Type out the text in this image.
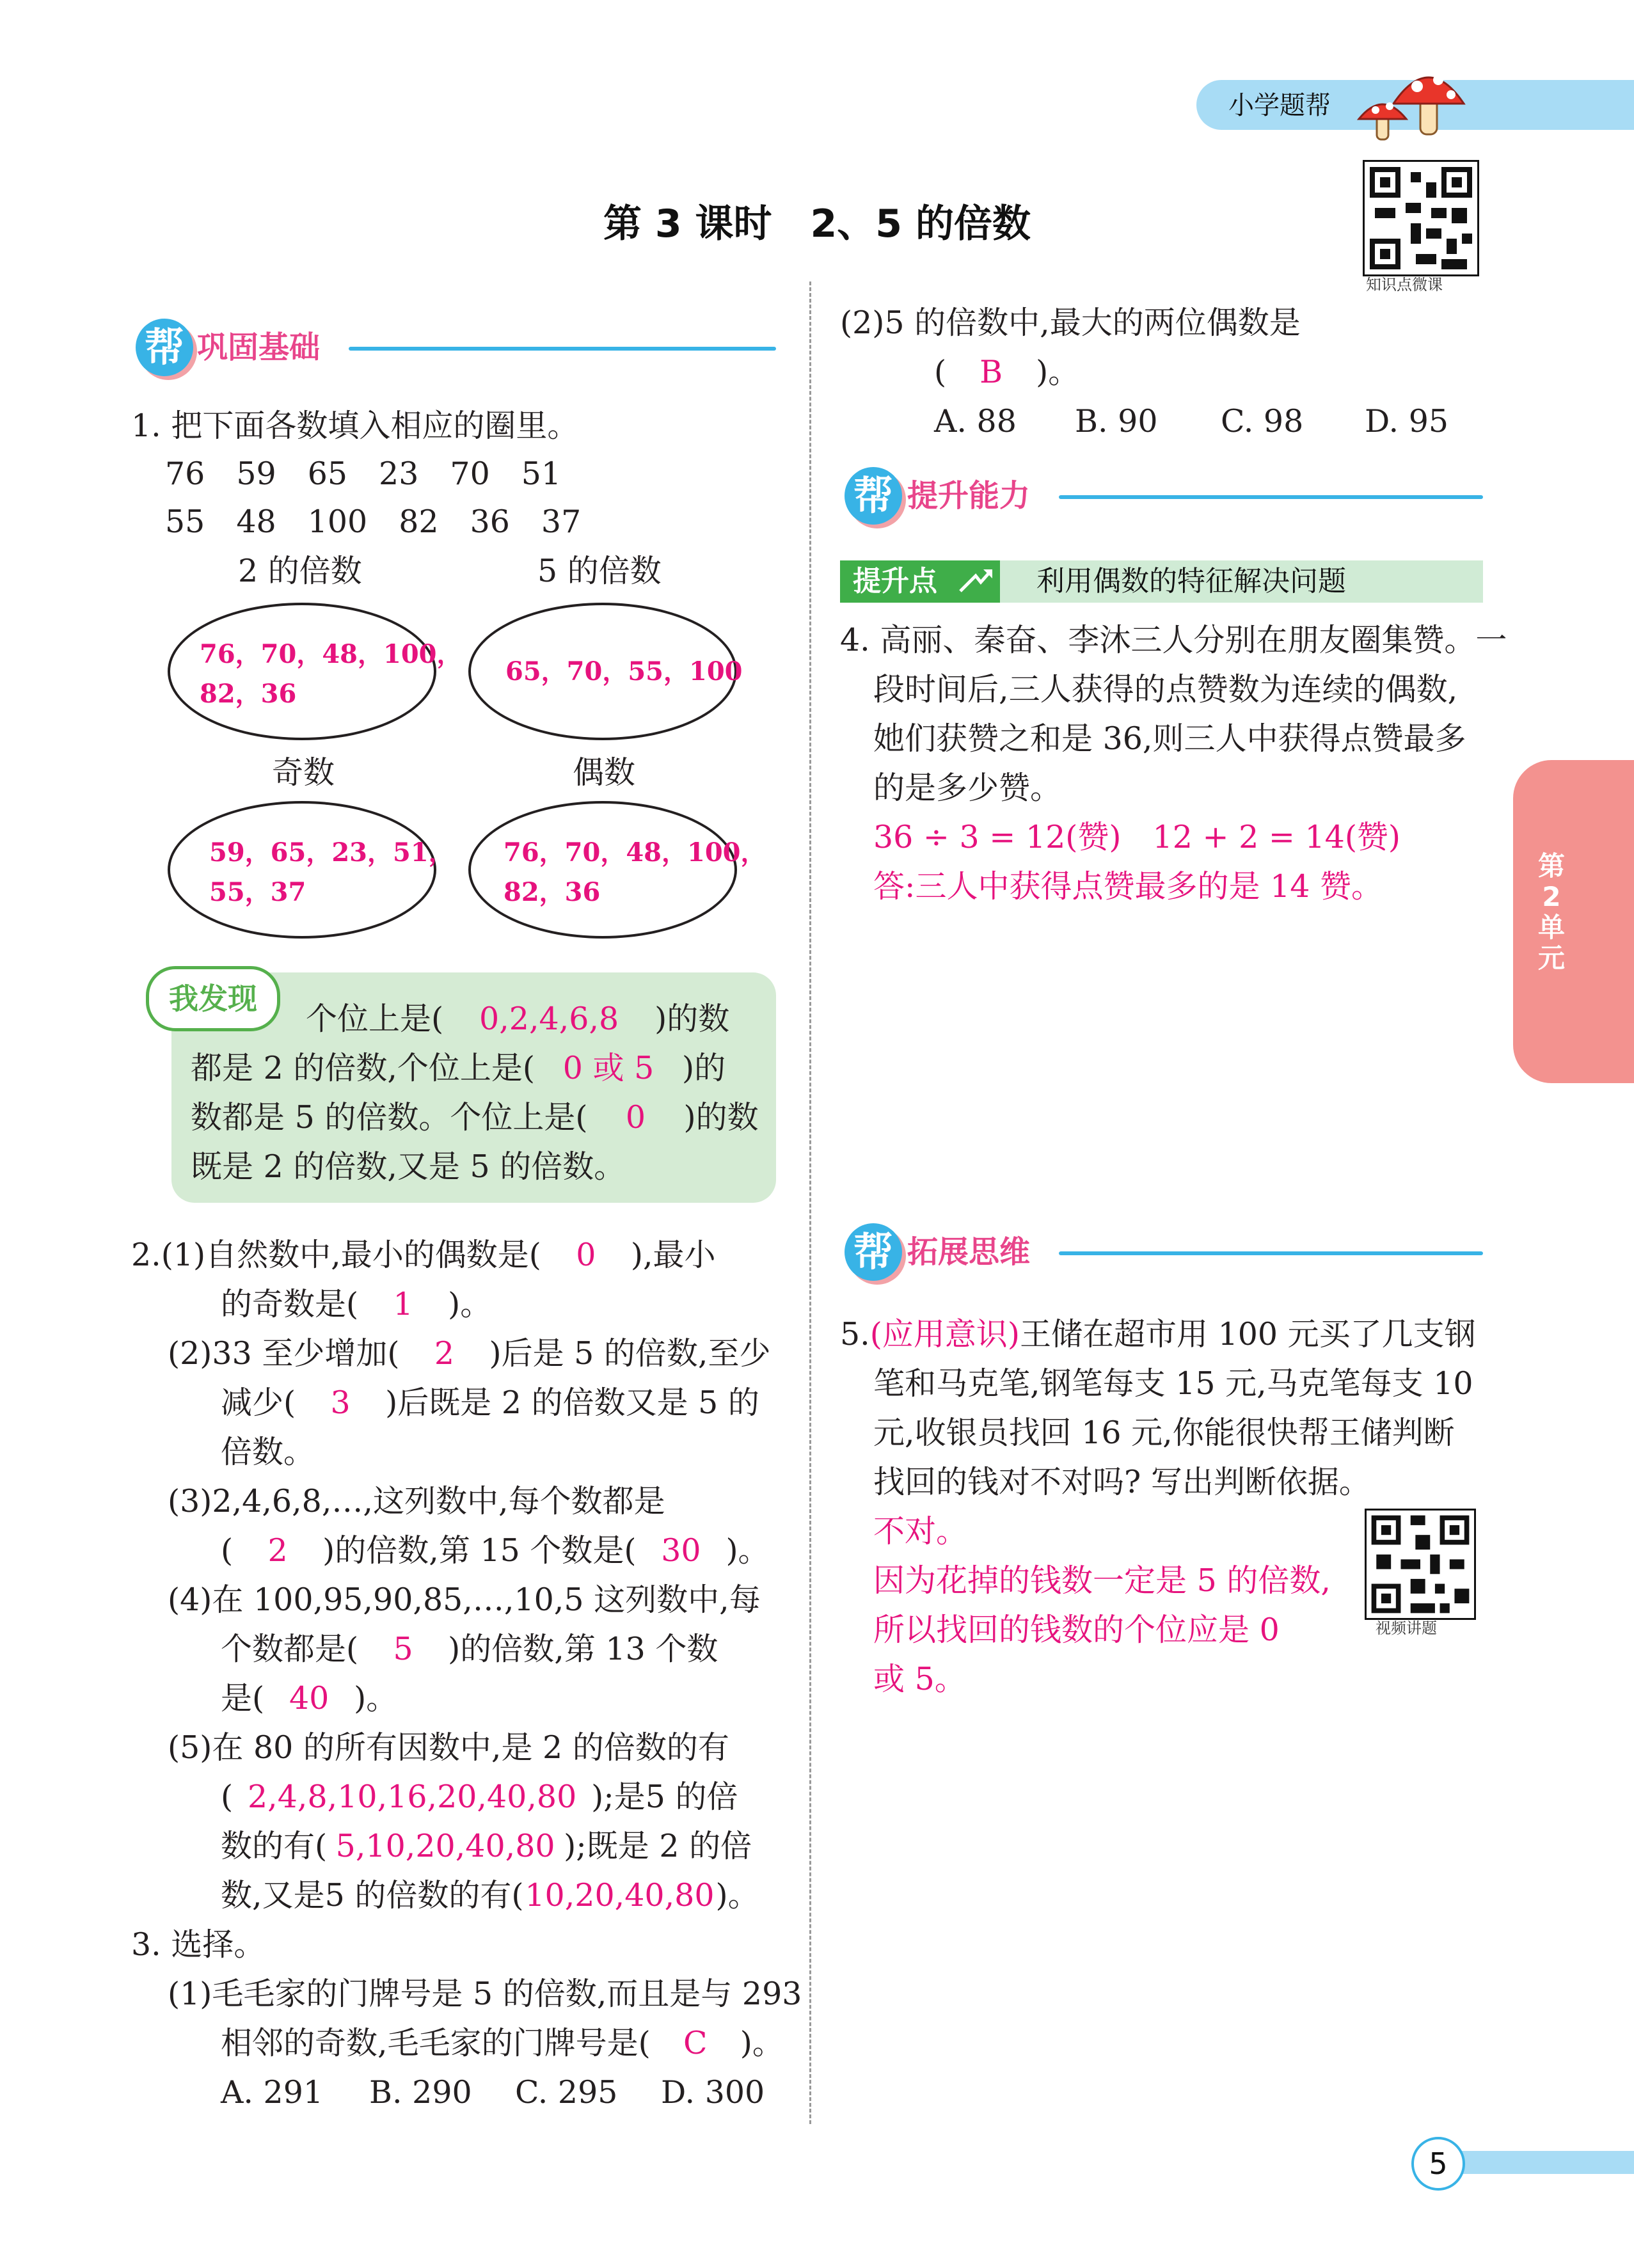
小学题帮
第 3 课时　2、5 的倍数
知识点微课
帮 巩固基础
1. 把下面各数填入相应的圈里。
76　59　65　23　70　51
55　48　100　82　36　37
2 的倍数	5 的倍数
76，70，48，100，
82，36
65，70，55，100
奇数	偶数
59，65，23，51，
55，37
76，70，48，100，
82，36
我发现
个位上是( 0,2,4,6,8 )的数
都是 2 的倍数,个位上是( 0 或 5 )的
数都是 5 的倍数。个位上是( 0 )的数
既是 2 的倍数,又是 5 的倍数。
2.(1)自然数中,最小的偶数是( 0 ),最小
的奇数是( 1 )。
(2)33 至少增加( 2 )后是 5 的倍数,至少
减少( 3 )后既是 2 的倍数又是 5 的
倍数。
(3)2,4,6,8,…,这列数中,每个数都是
( 2 )的倍数,第 15 个数是( 30 )。
(4)在 100,95,90,85,…,10,5 这列数中,每
个数都是( 5 )的倍数,第 13 个数
是( 40 )。
(5)在 80 的所有因数中,是 2 的倍数的有
( 2,4,8,10,16,20,40,80 );是5 的倍
数的有( 5,10,20,40,80 );既是 2 的倍
数,又是5 的倍数的有(10,20,40,80)。
3. 选择。
(1)毛毛家的门牌号是 5 的倍数,而且是与 293
相邻的奇数,毛毛家的门牌号是( C )。
A. 291 B. 290 C. 295 D. 300
(2)5 的倍数中,最大的两位偶数是
( B )。
A. 88 B. 90 C. 98 D. 95
帮 提升能力
提升点	利用偶数的特征解决问题
4. 高丽、秦奋、李沐三人分别在朋友圈集赞。一
段时间后,三人获得的点赞数为连续的偶数,
她们获赞之和是 36,则三人中获得点赞最多
的是多少赞。
36 ÷ 3 = 12(赞)　12 + 2 = 14(赞)
答:三人中获得点赞最多的是 14 赞。
第
2
单
元
帮 拓展思维
5.(应用意识)王储在超市用 100 元买了几支钢
笔和马克笔,钢笔每支 15 元,马克笔每支 10
元,收银员找回 16 元,你能很快帮王储判断
找回的钱对不对吗? 写出判断依据。
不对。
因为花掉的钱数一定是 5 的倍数,
所以找回的钱数的个位应是 0
或 5。
视频讲题
5
